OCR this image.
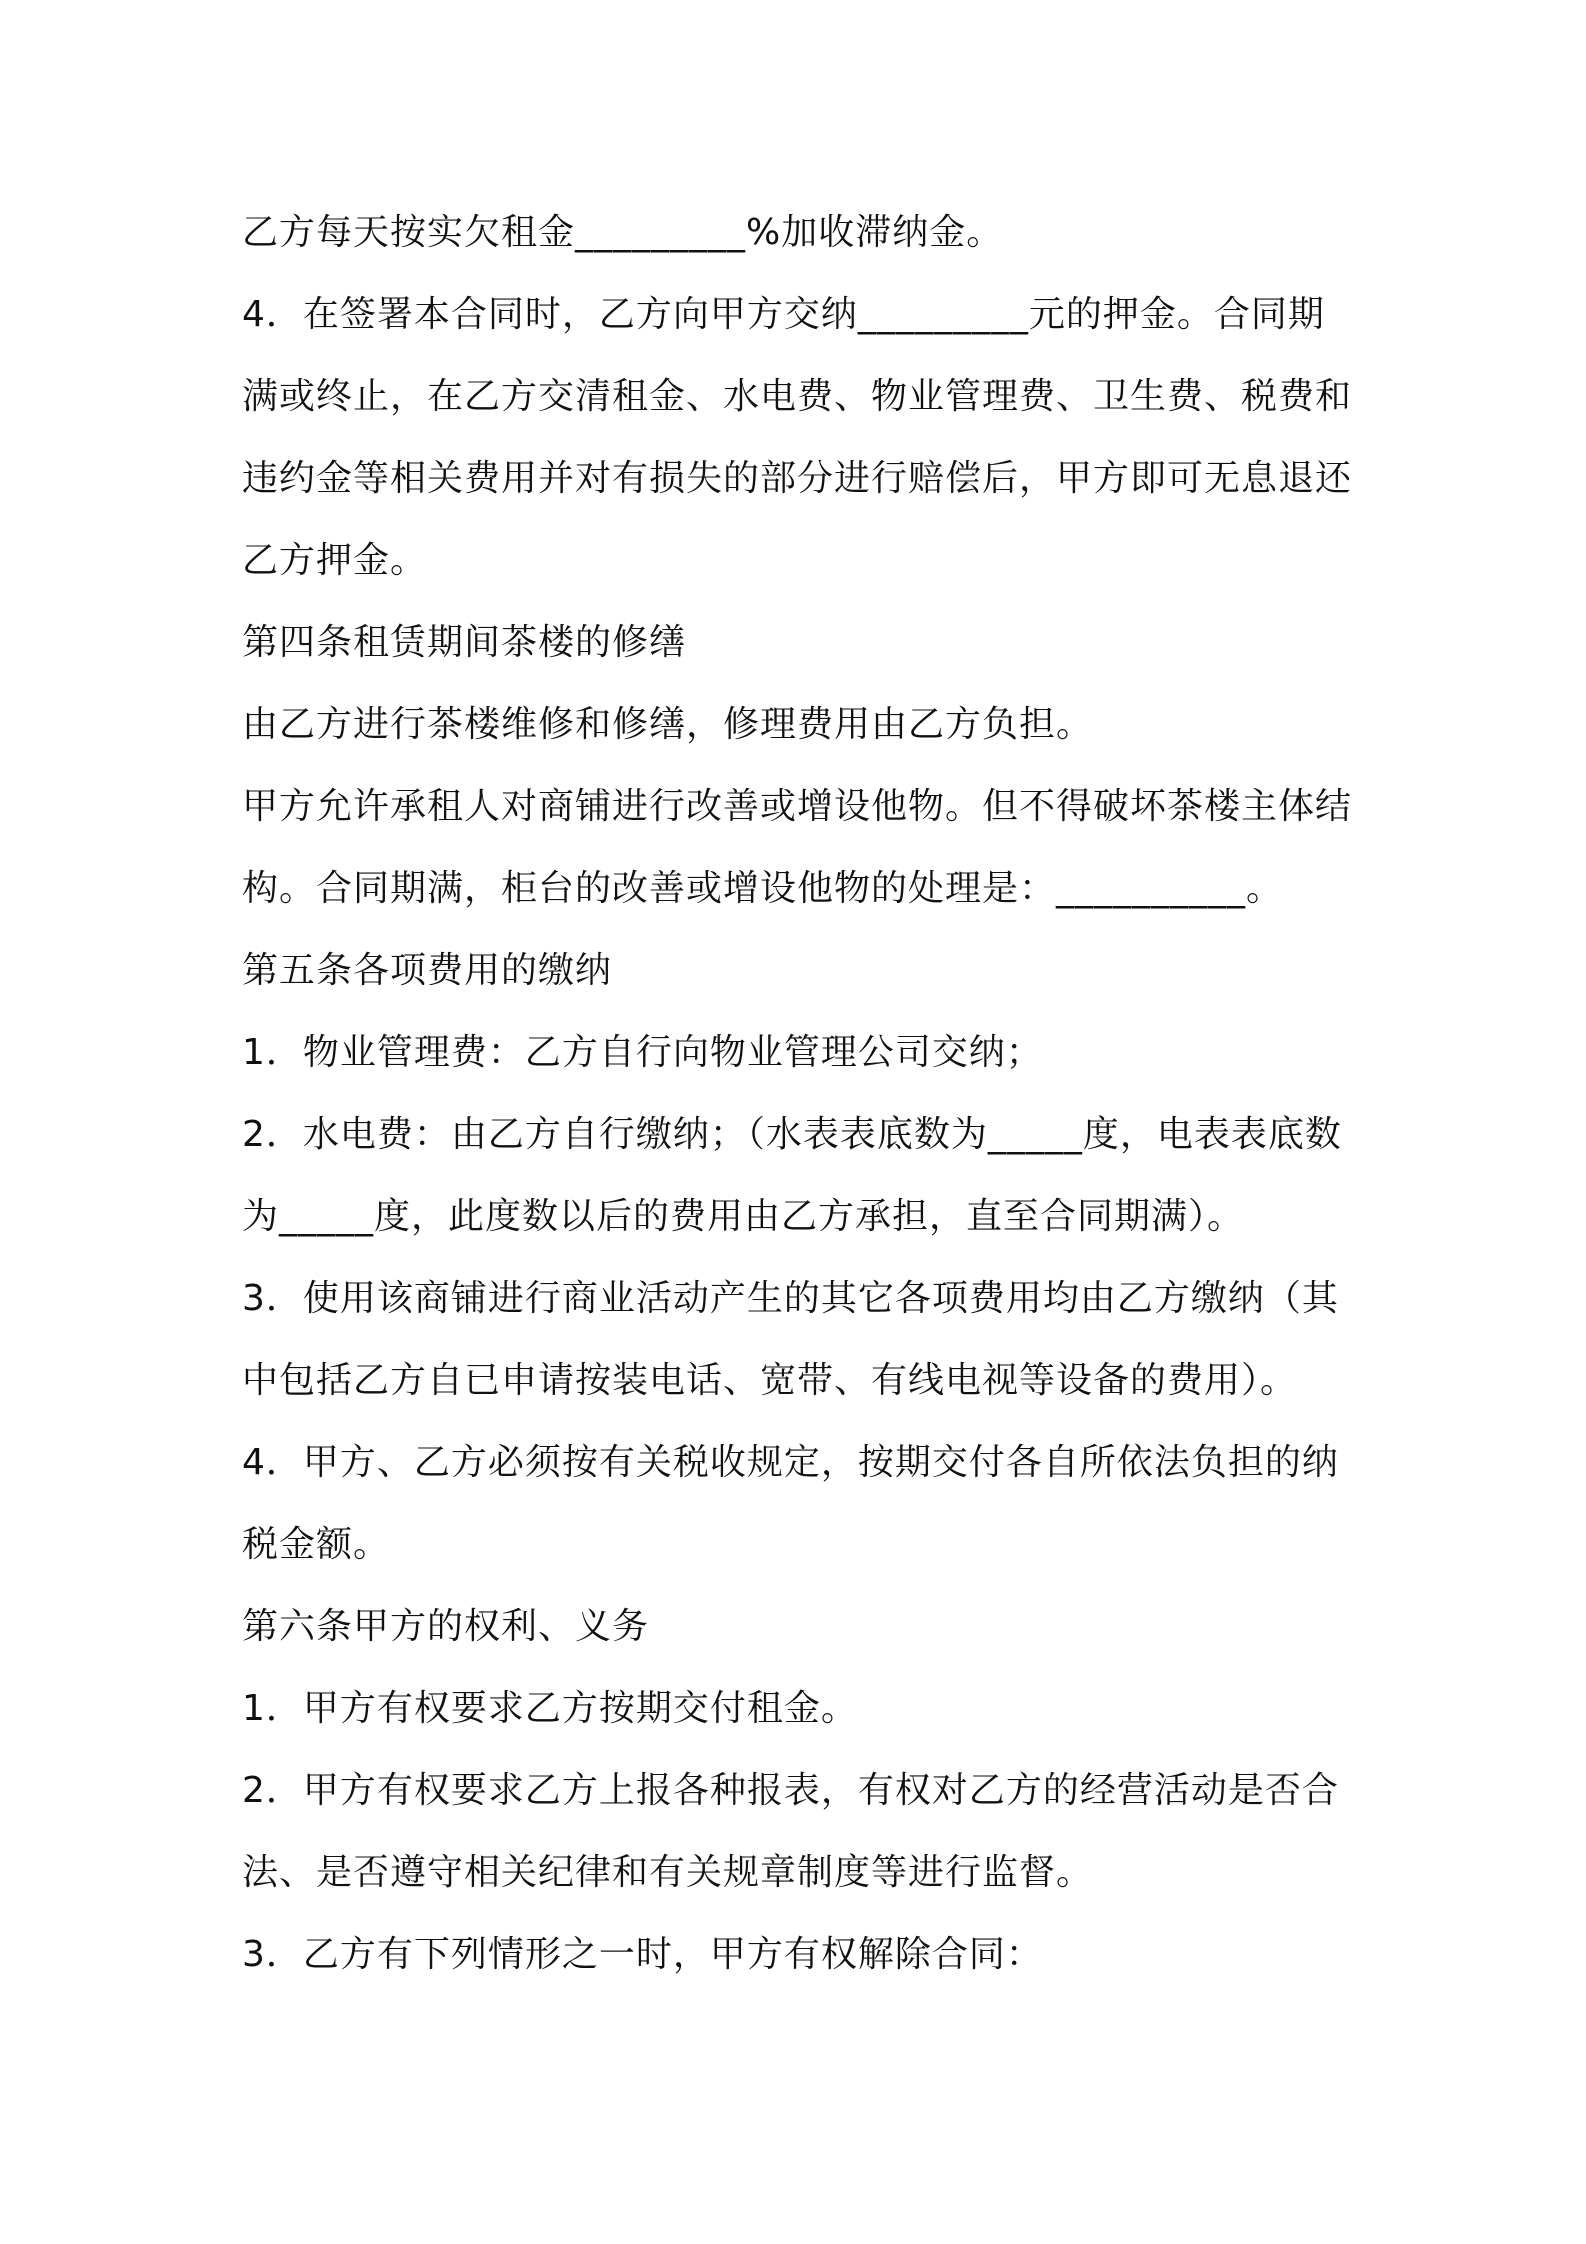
乙方每天按实欠租金_________%加收滞纳金。
4．在签署本合同时，乙方向甲方交纳_________元的押金。合同期
满或终止，在乙方交清租金、水电费、物业管理费、卫生费、税费和
违约金等相关费用并对有损失的部分进行赔偿后，甲方即可无息退还
乙方押金。
第四条租赁期间茶楼的修缮
由乙方进行茶楼维修和修缮，修理费用由乙方负担。
甲方允许承租人对商铺进行改善或增设他物。但不得破坏茶楼主体结
构。合同期满，柜台的改善或增设他物的处理是：__________。
第五条各项费用的缴纳
1．物业管理费：乙方自行向物业管理公司交纳；
2．水电费：由乙方自行缴纳；（水表表底数为_____度，电表表底数
为_____度，此度数以后的费用由乙方承担，直至合同期满）。
3．使用该商铺进行商业活动产生的其它各项费用均由乙方缴纳（其
中包括乙方自已申请按装电话、宽带、有线电视等设备的费用）。
4．甲方、乙方必须按有关税收规定，按期交付各自所依法负担的纳
税金额。
第六条甲方的权利、义务
1．甲方有权要求乙方按期交付租金。
2．甲方有权要求乙方上报各种报表，有权对乙方的经营活动是否合
法、是否遵守相关纪律和有关规章制度等进行监督。
3．乙方有下列情形之一时，甲方有权解除合同：
